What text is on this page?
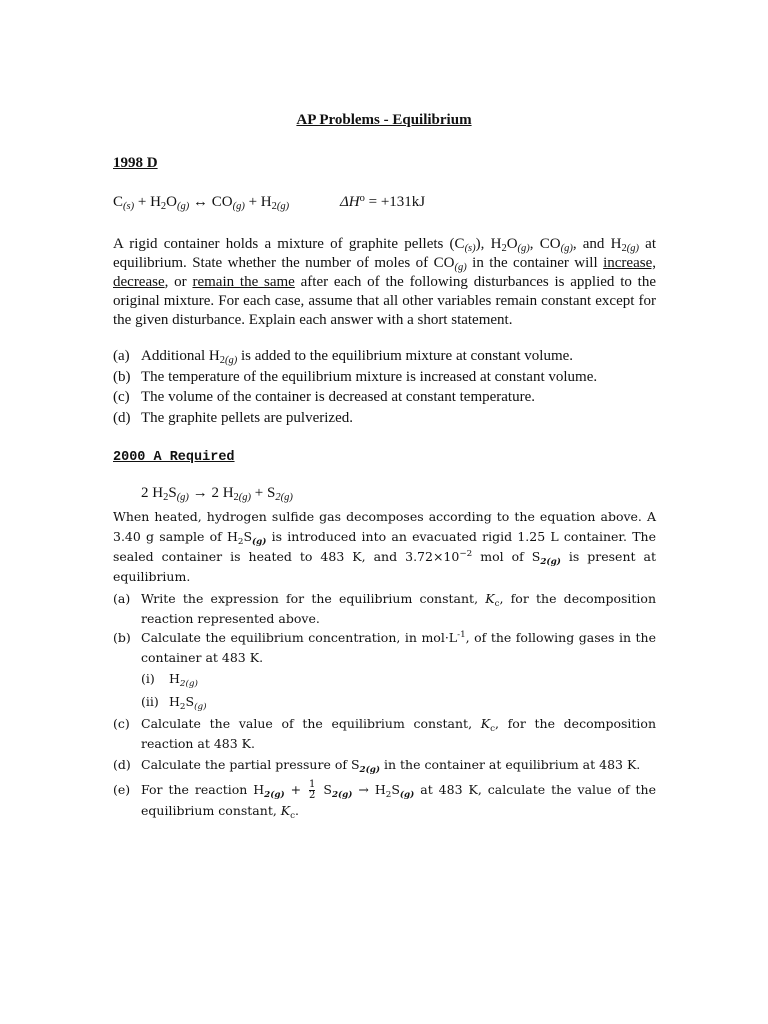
AP Problems - Equilibrium
1998 D
$C_{(s)} + H_2O_{(g)}$ ↔ $CO_{(g)} + H_{2(g)}$	$\Delta H^o = +131kJ$
A rigid container holds a mixture of graphite pellets $(C_{(s)})$, $H_2O_{(g)}$, $CO_{(g)}$, and $H_{2(g)}$ at equilibrium. State whether the number of moles of $CO_{(g)}$ in the container will increase, decrease, or remain the same after each of the following disturbances is applied to the original mixture. For each case, assume that all other variables remain constant except for the given disturbance. Explain each answer with a short statement.
(a) Additional $H_{2(g)}$ is added to the equilibrium mixture at constant volume.
(b) The temperature of the equilibrium mixture is increased at constant volume.
(c) The volume of the container is decreased at constant temperature.
(d) The graphite pellets are pulverized.
2000 A Required
2 $H_2S_{(g)} \to 2$ $H_{2(g)} + S_{2(g)}$
When heated, hydrogen sulfide gas decomposes according to the equation above. A 3.40 g sample of $H_2S_{(g)}$ is introduced into an evacuated rigid 1.25 L container. The sealed container is heated to 483 K, and $3.72\times 10^{-2}$ mol of $S_{2(g)}$ is present at equilibrium.
(a) Write the expression for the equilibrium constant, $K_c$, for the decomposition reaction represented above.
(b) Calculate the equilibrium concentration, in $mol\cdot L^{-1}$, of the following gases in the container at 483 K.
(i) $H_{2(g)}$
(ii) $H_2S_{(g)}$
(c) Calculate the value of the equilibrium constant, $K_c$, for the decomposition reaction at 483 K.
(d) Calculate the partial pressure of $S_{2(g)}$ in the container at equilibrium at 483 K.
(e) For the reaction $H_{2(g)} + \frac{1}{2} S_{2(g)} \to H_2S_{(g)}$ at 483 K, calculate the value of the equilibrium constant, $K_c$.
